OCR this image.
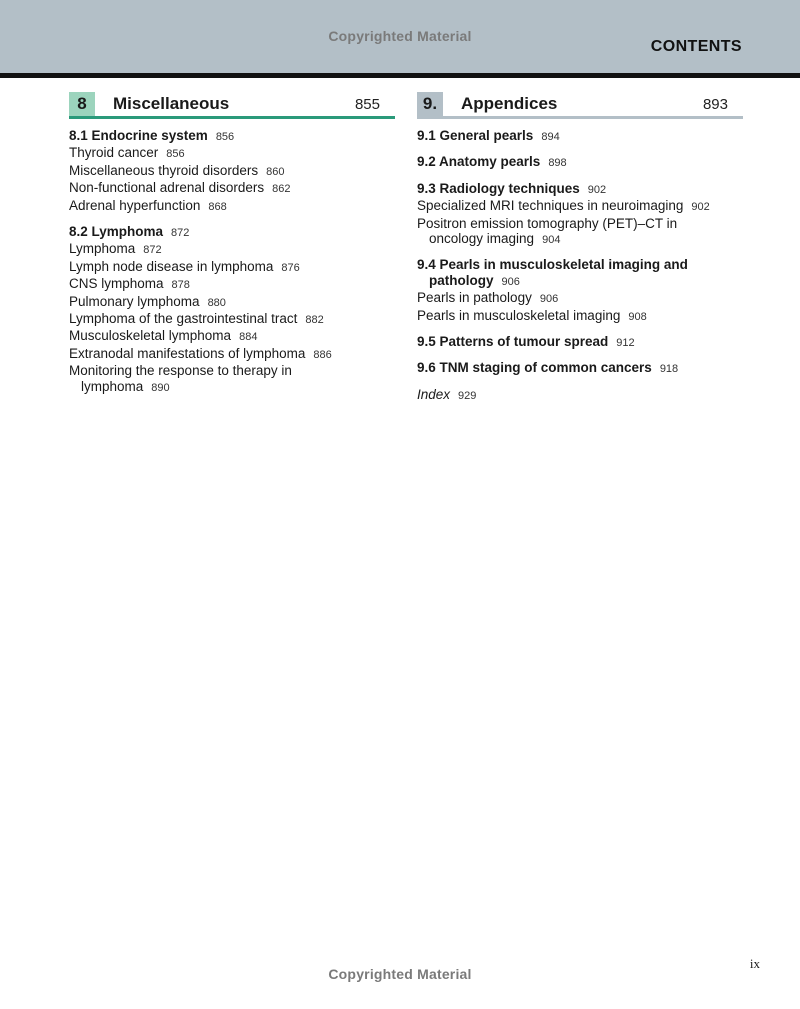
Copyrighted Material
CONTENTS
8	Miscellaneous	855
8.1 Endocrine system 856
Thyroid cancer 856
Miscellaneous thyroid disorders 860
Non-functional adrenal disorders 862
Adrenal hyperfunction 868
8.2 Lymphoma 872
Lymphoma 872
Lymph node disease in lymphoma 876
CNS lymphoma 878
Pulmonary lymphoma 880
Lymphoma of the gastrointestinal tract 882
Musculoskeletal lymphoma 884
Extranodal manifestations of lymphoma 886
Monitoring the response to therapy in
lymphoma 890
9.	Appendices	893
9.1 General pearls 894
9.2 Anatomy pearls 898
9.3 Radiology techniques 902
Specialized MRI techniques in neuroimaging 902
Positron emission tomography (PET)–CT in
oncology imaging 904
9.4 Pearls in musculoskeletal imaging and
pathology 906
Pearls in pathology 906
Pearls in musculoskeletal imaging 908
9.5 Patterns of tumour spread 912
9.6 TNM staging of common cancers 918
Index 929
ix
Copyrighted Material
